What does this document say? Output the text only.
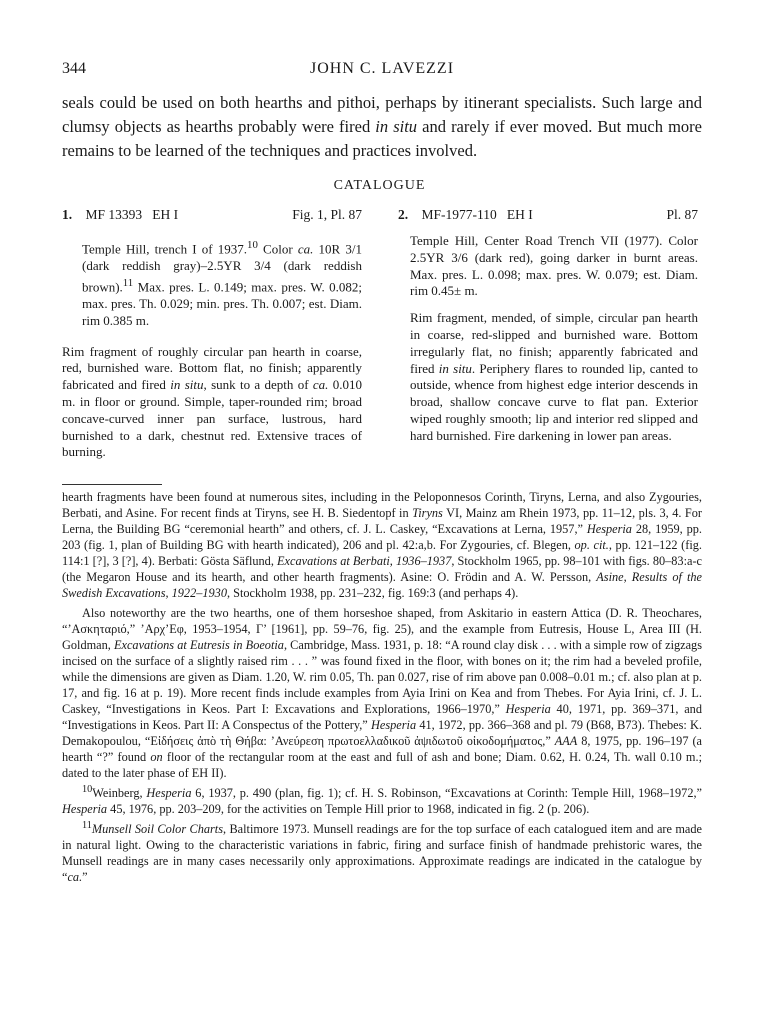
344	JOHN C. LAVEZZI
seals could be used on both hearths and pithoi, perhaps by itinerant specialists. Such large and clumsy objects as hearths probably were fired in situ and rarely if ever moved. But much more remains to be learned of the techniques and practices involved.
CATALOGUE
1. MF 13393   EH I	Fig. 1, Pl. 87
Temple Hill, trench I of 1937.10 Color ca. 10R 3/1 (dark reddish gray)–2.5YR 3/4 (dark reddish brown).$^{11}$ Max. pres. L. 0.149; max. pres. W. 0.082; max. pres. Th. 0.029; min. pres. Th. 0.007; est. Diam. rim 0.385 m.
Rim fragment of roughly circular pan hearth in coarse, red, burnished ware. Bottom flat, no finish; apparently fabricated and fired in situ, sunk to a depth of ca. 0.010 m. in floor or ground. Simple, taper-rounded rim; broad concave-curved inner pan surface, lustrous, hard burnished to a dark, chestnut red. Extensive traces of burning.
2. MF-1977-110   EH I	Pl. 87
Temple Hill, Center Road Trench VII (1977). Color 2.5YR 3/6 (dark red), going darker in burnt areas. Max. pres. L. 0.098; max. pres. W. 0.079; est. Diam. rim 0.45± m.
Rim fragment, mended, of simple, circular pan hearth in coarse, red-slipped and burnished ware. Bottom irregularly flat, no finish; apparently fabricated and fired in situ. Periphery flares to rounded lip, canted to outside, whence from highest edge interior descends in broad, shallow concave curve to flat pan. Exterior wiped roughly smooth; lip and interior red slipped and hard burnished. Fire darkening in lower pan areas.

hearth fragments have been found at numerous sites, including in the Peloponnesos Corinth, Tiryns, Lerna, and also Zygouries, Berbati, and Asine. For recent finds at Tiryns, see H. B. Siedentopf in Tiryns VI, Mainz am Rhein 1973, pp. 11–12, pls. 3, 4. For Lerna, the Building BG “ceremonial hearth” and others, cf. J. L. Caskey, “Excavations at Lerna, 1957,” Hesperia 28, 1959, pp. 203 (fig. 1, plan of Building BG with hearth indicated), 206 and pl. 42:a,b. For Zygouries, cf. Blegen, op. cit., pp. 121–122 (fig. 114:1 [?], 3 [?], 4). Berbati: Gösta Säflund, Excavations at Berbati, 1936–1937, Stockholm 1965, pp. 98–101 with figs. 80–83:a-c (the Megaron House and its hearth, and other hearth fragments). Asine: O. Frödin and A. W. Persson, Asine, Results of the Swedish Excavations, 1922–1930, Stockholm 1938, pp. 231–232, fig. 169:3 (and perhaps 4).

Also noteworthy are the two hearths, one of them horseshoe shaped, from Askitario in eastern Attica (D. R. Theochares, “’Ασκηταριό,” ’Αρχ’Εφ, 1953–1954, Γ’ [1961], pp. 59–76, fig. 25), and the example from Eutresis, House L, Area III (H. Goldman, Excavations at Eutresis in Boeotia, Cambridge, Mass. 1931, p. 18: “A round clay disk . . . with a simple row of zigzags incised on the surface of a slightly raised rim . . . ” was found fixed in the floor, with bones on it; the rim had a beveled profile, while the dimensions are given as Diam. 1.20, W. rim 0.05, Th. pan 0.027, rise of rim above pan 0.008–0.01 m.; cf. also plan at p. 17, and fig. 16 at p. 19). More recent finds include examples from Ayia Irini on Kea and from Thebes. For Ayia Irini, cf. J. L. Caskey, “Investigations in Keos. Part I: Excavations and Explorations, 1966–1970,” Hesperia 40, 1971, pp. 369–371, and “Investigations in Keos. Part II: A Conspectus of the Pottery,” Hesperia 41, 1972, pp. 366–368 and pl. 79 (B68, B73). Thebes: K. Demakopoulou, “Εἰδήσεις ἀπὸ τὴ Θήβα: ’Ανεύρεση πρωτοελλαδικοῦ ἀψιδωτοῦ οἰκοδομήματος,” AAA 8, 1975, pp. 196–197 (a hearth “?” found on floor of the rectangular room at the east and full of ash and bone; Diam. 0.62, H. 0.24, Th. wall 0.10 m.; dated to the later phase of EH II).

$^{10}$Weinberg, Hesperia 6, 1937, p. 490 (plan, fig. 1); cf. H. S. Robinson, “Excavations at Corinth: Temple Hill, 1968–1972,” Hesperia 45, 1976, pp. 203–209, for the activities on Temple Hill prior to 1968, indicated in fig. 2 (p. 206).

$^{11}$Munsell Soil Color Charts, Baltimore 1973. Munsell readings are for the top surface of each catalogued item and are made in natural light. Owing to the characteristic variations in fabric, firing and surface finish of handmade prehistoric wares, the Munsell readings are in many cases necessarily only approximations. Approximate readings are indicated in the catalogue by “ca.”
